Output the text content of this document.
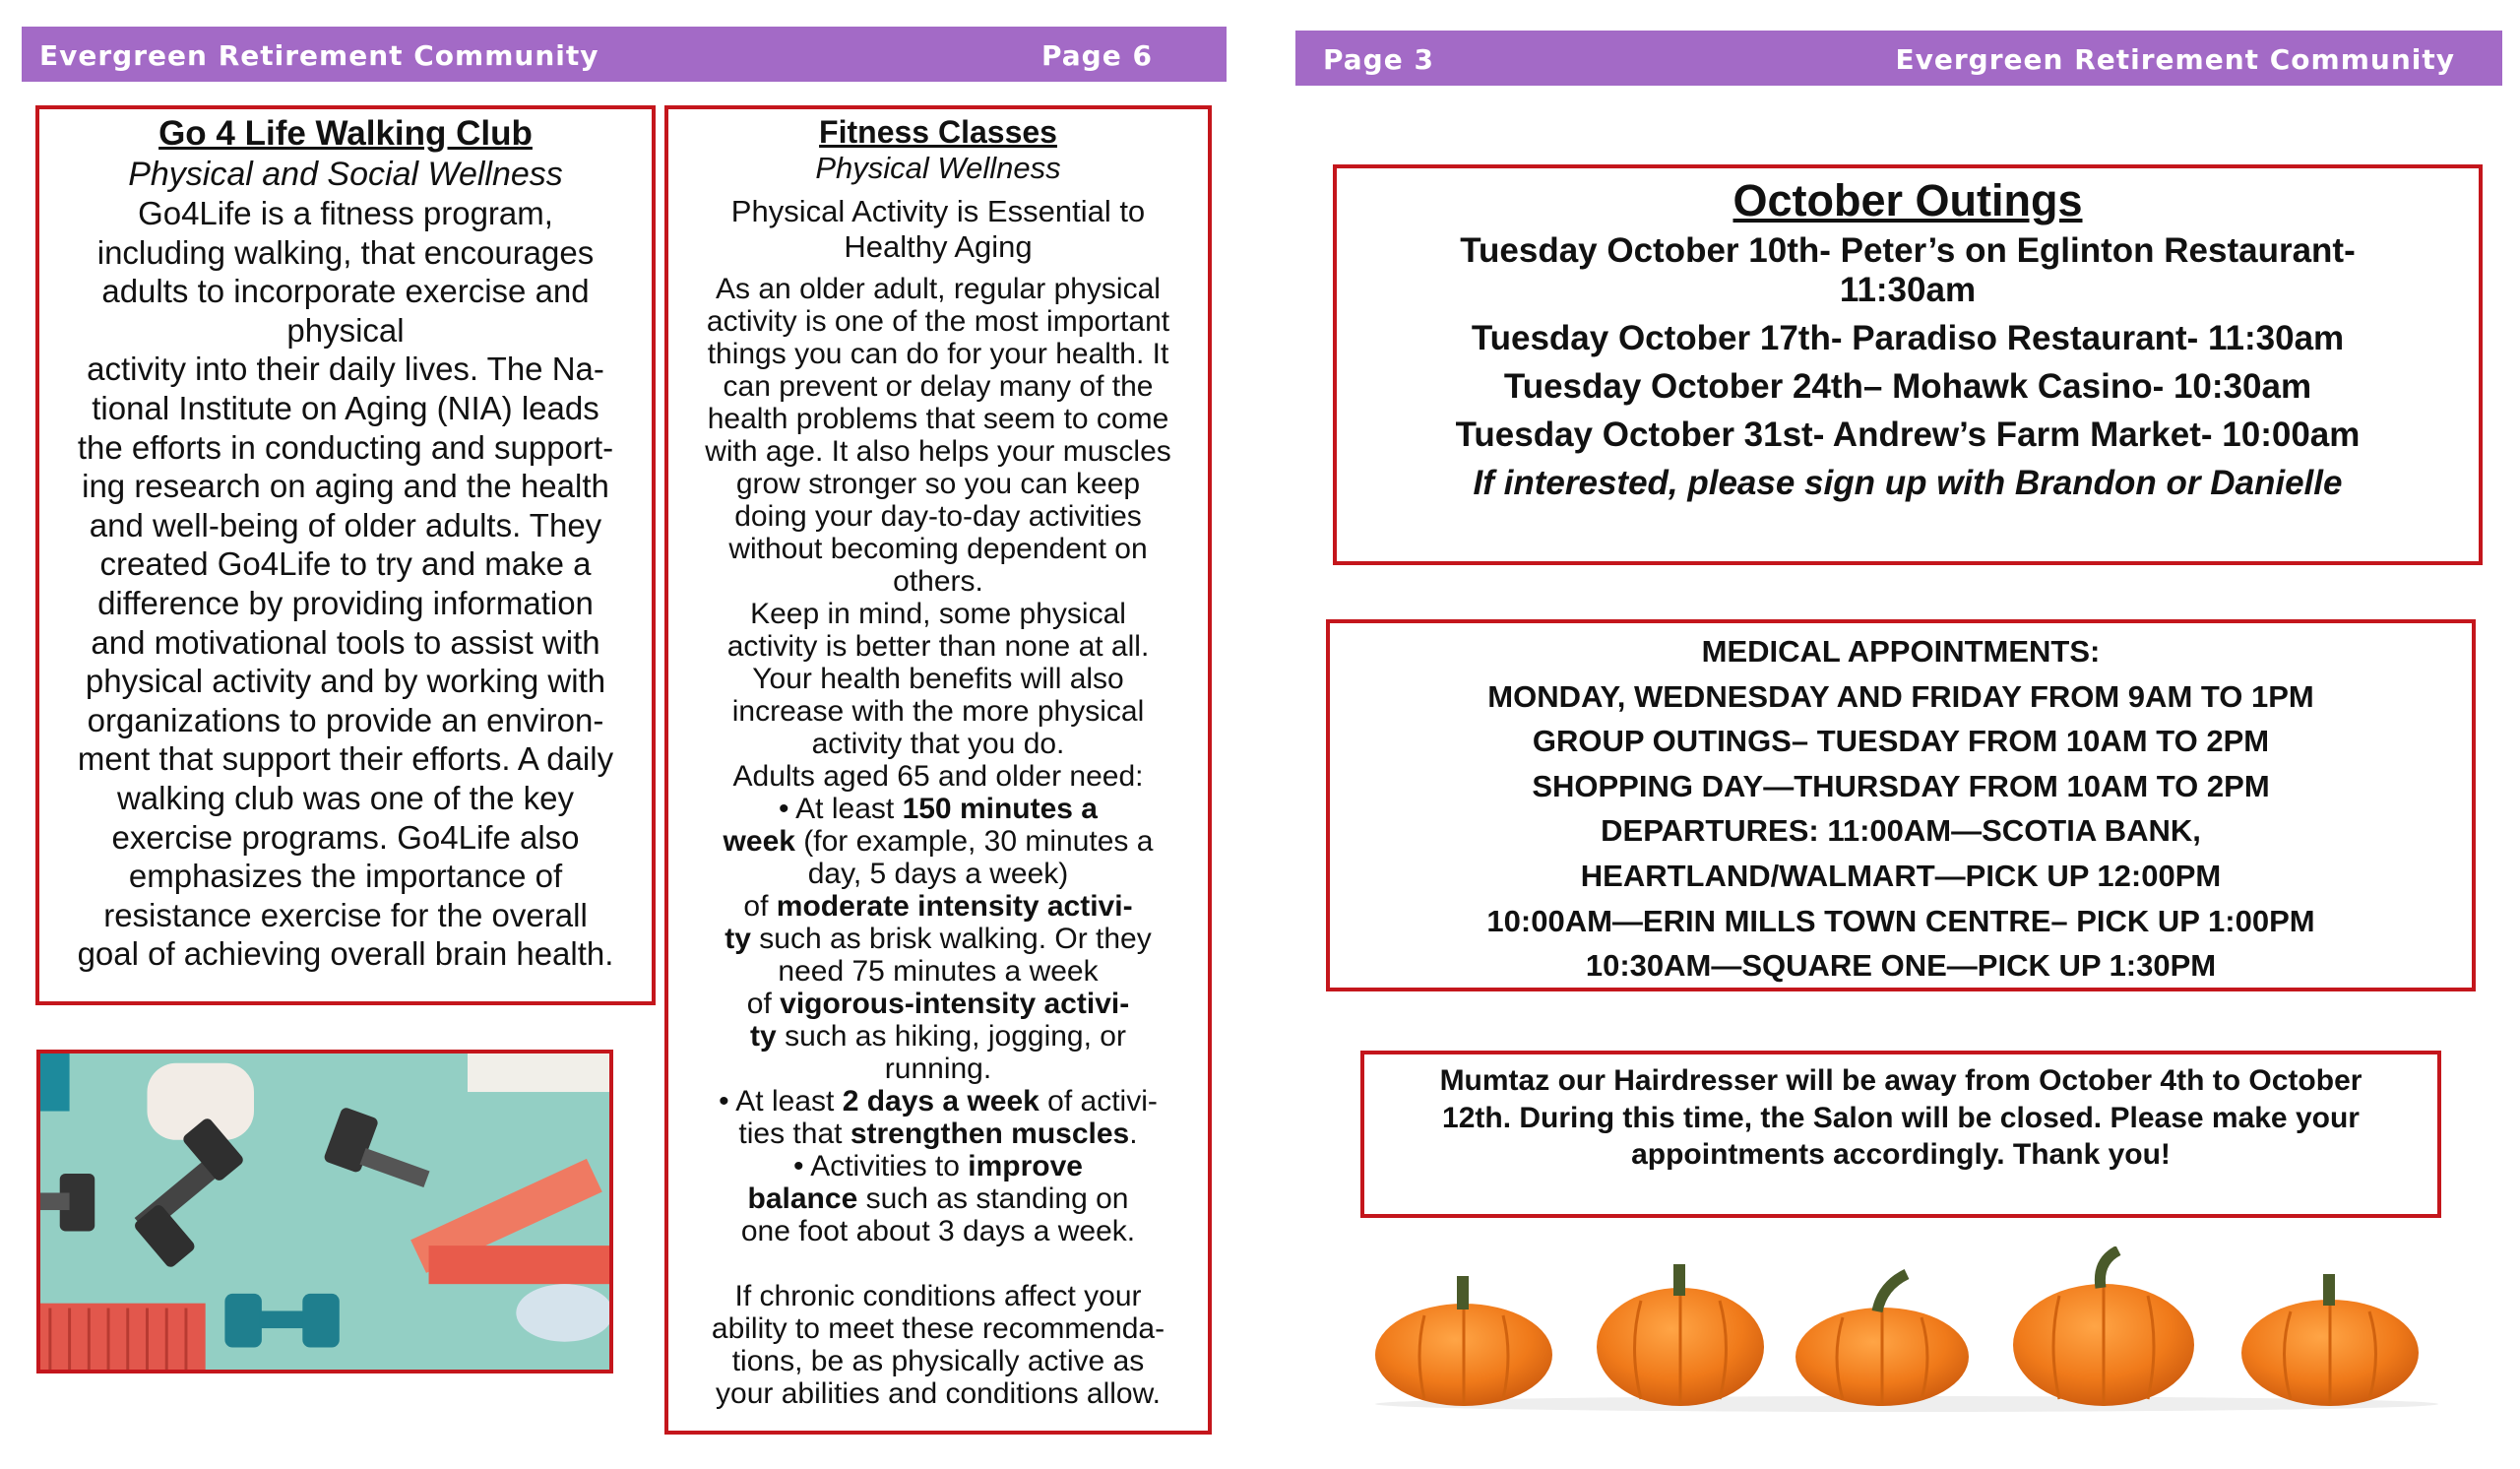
Evergreen Retirement Community	Page 6	Page 3	Evergreen Retirement Community
Go 4 Life Walking Club
Physical and Social Wellness
Go4Life is a fitness program,
including walking, that encourages
adults to incorporate exercise and
physical
activity into their daily lives. The Na-
tional Institute on Aging (NIA) leads
the efforts in conducting and support-
ing research on aging and the health
and well-being of older adults. They
created Go4Life to try and make a
difference by providing information
and motivational tools to assist with
physical activity and by working with
organizations to provide an environ-
ment that support their efforts. A daily
walking club was one of the key
exercise programs. Go4Life also
emphasizes the importance of
resistance exercise for the overall
goal of achieving overall brain health.
Fitness Classes
Physical Wellness
Physical Activity is Essential to
Healthy Aging
As an older adult, regular physical
activity is one of the most important
things you can do for your health. It
can prevent or delay many of the
health problems that seem to come
with age. It also helps your muscles
grow stronger so you can keep
doing your day-to-day activities
without becoming dependent on
others.
Keep in mind, some physical
activity is better than none at all.
Your health benefits will also
increase with the more physical
activity that you do.
Adults aged 65 and older need:
• At least 150 minutes a
week (for example, 30 minutes a
day, 5 days a week)
of moderate intensity activi-
ty such as brisk walking. Or they
need 75 minutes a week
of vigorous-intensity activi-
ty such as hiking, jogging, or
running.
• At least 2 days a week of activi-
ties that strengthen muscles.
• Activities to improve
balance such as standing on
one foot about 3 days a week.
If chronic conditions affect your
ability to meet these recommenda-
tions, be as physically active as
your abilities and conditions allow.
October Outings
Tuesday October 10th- Peter’s on Eglinton Restaurant-
11:30am
Tuesday October 17th- Paradiso Restaurant- 11:30am
Tuesday October 24th– Mohawk Casino- 10:30am
Tuesday October 31st- Andrew’s Farm Market- 10:00am
If interested, please sign up with Brandon or Danielle
MEDICAL APPOINTMENTS:
MONDAY, WEDNESDAY AND FRIDAY FROM 9AM TO 1PM
GROUP OUTINGS– TUESDAY FROM 10AM TO 2PM
SHOPPING DAY—THURSDAY FROM 10AM TO 2PM
DEPARTURES: 11:00AM—SCOTIA BANK,
HEARTLAND/WALMART—PICK UP 12:00PM
10:00AM—ERIN MILLS TOWN CENTRE– PICK UP 1:00PM
10:30AM—SQUARE ONE—PICK UP 1:30PM
Mumtaz our Hairdresser will be away from October 4th to October
12th. During this time, the Salon will be closed. Please make your
appointments accordingly. Thank you!
